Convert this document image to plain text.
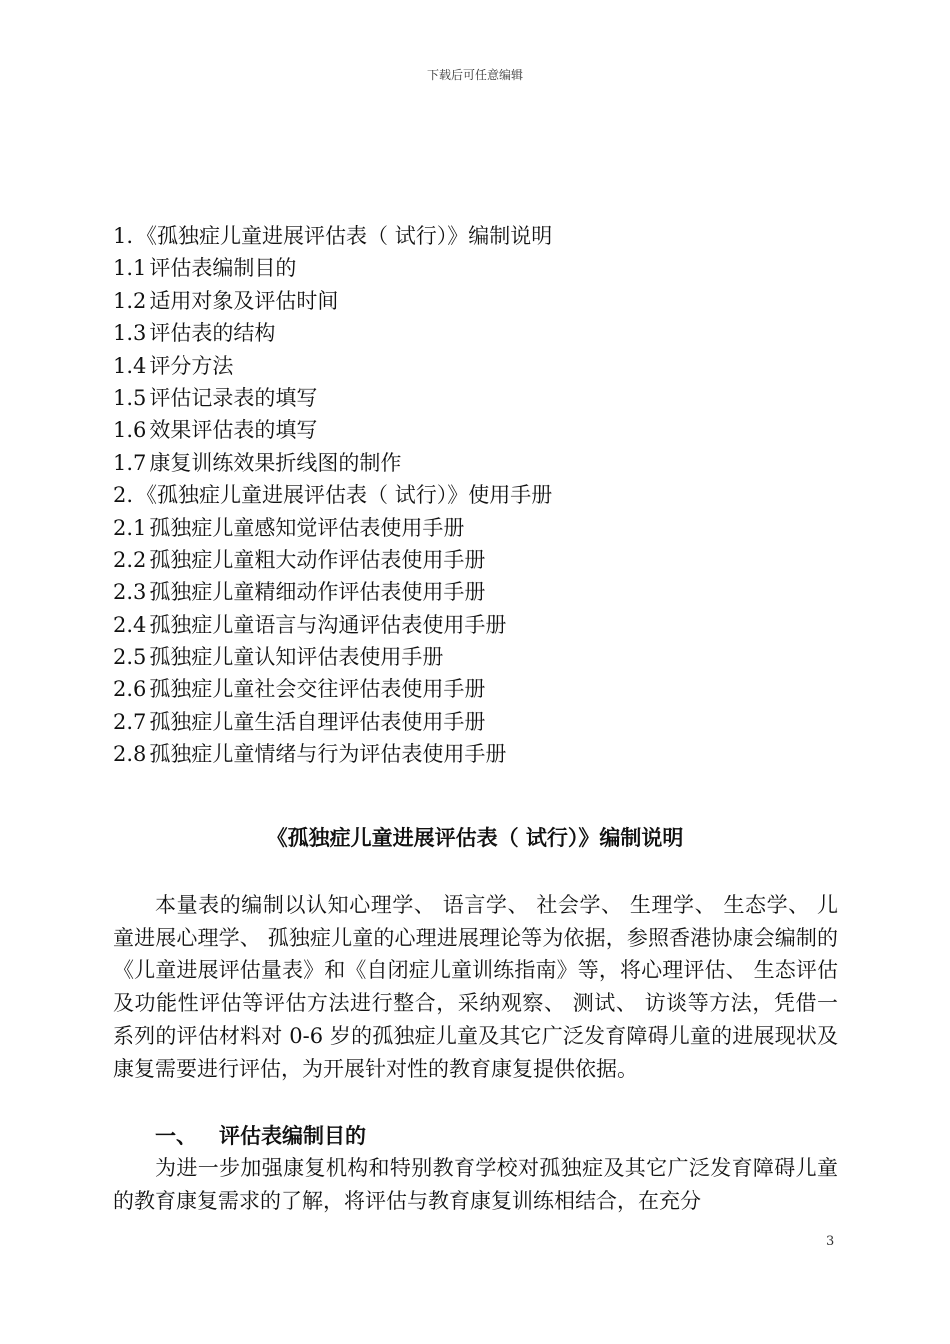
下载后可任意编辑
1. 《孤独症儿童进展评估表（ 试行）》编制说明
1.1 评估表编制目的
1.2 适用对象及评估时间
1.3 评估表的结构
1.4 评分方法
1.5 评估记录表的填写
1.6 效果评估表的填写
1.7 康复训练效果折线图的制作
2. 《孤独症儿童进展评估表（ 试行）》使用手册
2.1 孤独症儿童感知觉评估表使用手册
2.2 孤独症儿童粗大动作评估表使用手册
2.3 孤独症儿童精细动作评估表使用手册
2.4 孤独症儿童语言与沟通评估表使用手册
2.5 孤独症儿童认知评估表使用手册
2.6 孤独症儿童社会交往评估表使用手册
2.7 孤独症儿童生活自理评估表使用手册
2.8 孤独症儿童情绪与行为评估表使用手册
《孤独症儿童进展评估表（ 试行）》编制说明

本量表的编制以认知心理学、 语言学、 社会学、 生理学、 生态学、 儿童进展心理学、 孤独症儿童的心理进展理论等为依据，参照香港协康会编制的《儿童进展评估量表》和《自闭症儿童训练指南》等，将心理评估、 生态评估及功能性评估等评估方法进行整合，采纳观察、 测试、 访谈等方法，凭借一系列的评估材料对 0-6 岁的孤独症儿童及其它广泛发育障碍儿童的进展现状及康复需要进行评估，为开展针对性的教育康复提供依据。

一、 评估表编制目的

为进一步加强康复机构和特别教育学校对孤独症及其它广泛发育障碍儿童的教育康复需求的了解，将评估与教育康复训练相结合，在充分

3
